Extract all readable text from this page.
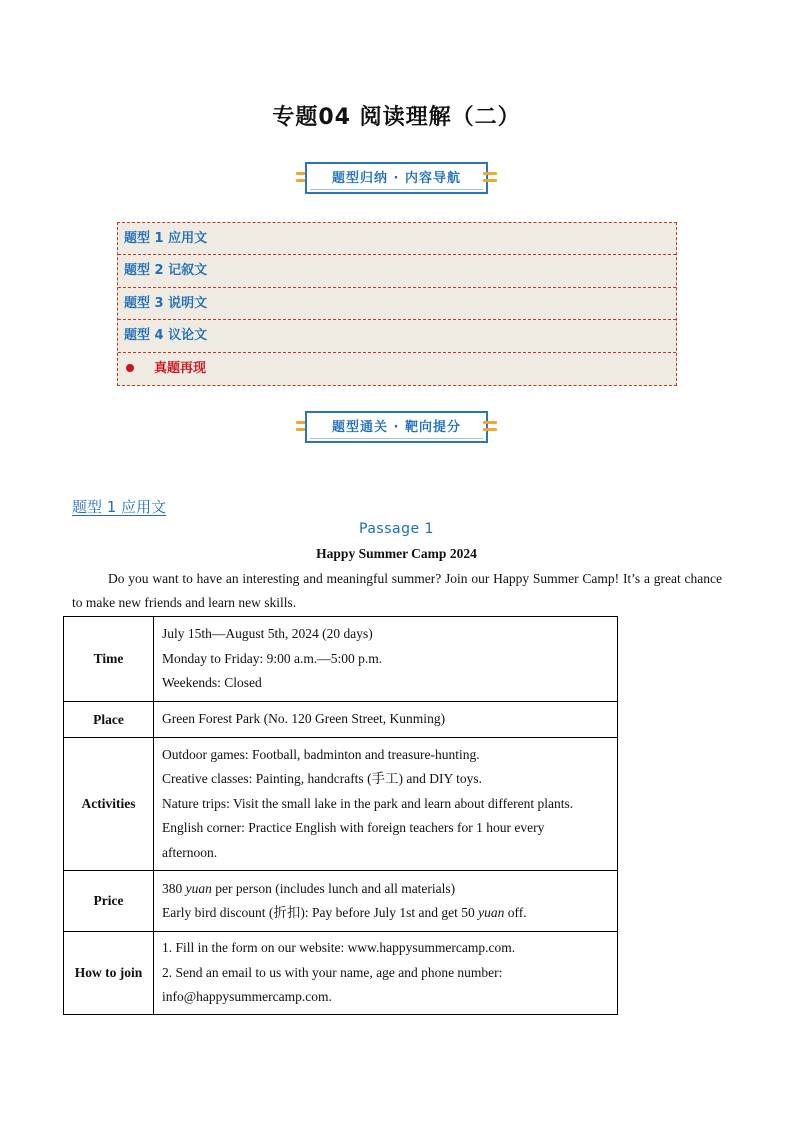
专题04 阅读理解（二）
题型归纳 · 内容导航
题型 1 应用文
题型 2 记叙文
题型 3 说明文
题型 4 议论文
真题再现
题型通关 · 靶向提分
题型 1 应用文
Passage 1
Happy Summer Camp 2024
Do you want to have an interesting and meaningful summer? Join our Happy Summer Camp! It’s a great chance to make new friends and learn new skills.
Time	July 15th—August 5th, 2024 (20 days)
Monday to Friday: 9:00 a.m.—5:00 p.m.
Weekends: Closed

Place	Green Forest Park (No. 120 Green Street, Kunming)

Activities	Outdoor games: Football, badminton and treasure-hunting.
Creative classes: Painting, handcrafts (手工) and DIY toys.
Nature trips: Visit the small lake in the park and learn about different plants.
English corner: Practice English with foreign teachers for 1 hour every
afternoon.

Price	380 yuan per person (includes lunch and all materials)
Early bird discount (折扣): Pay before July 1st and get 50 yuan off.

How to join	1. Fill in the form on our website: www.happysummercamp.com.
2. Send an email to us with your name, age and phone number:
info@happysummercamp.com.
